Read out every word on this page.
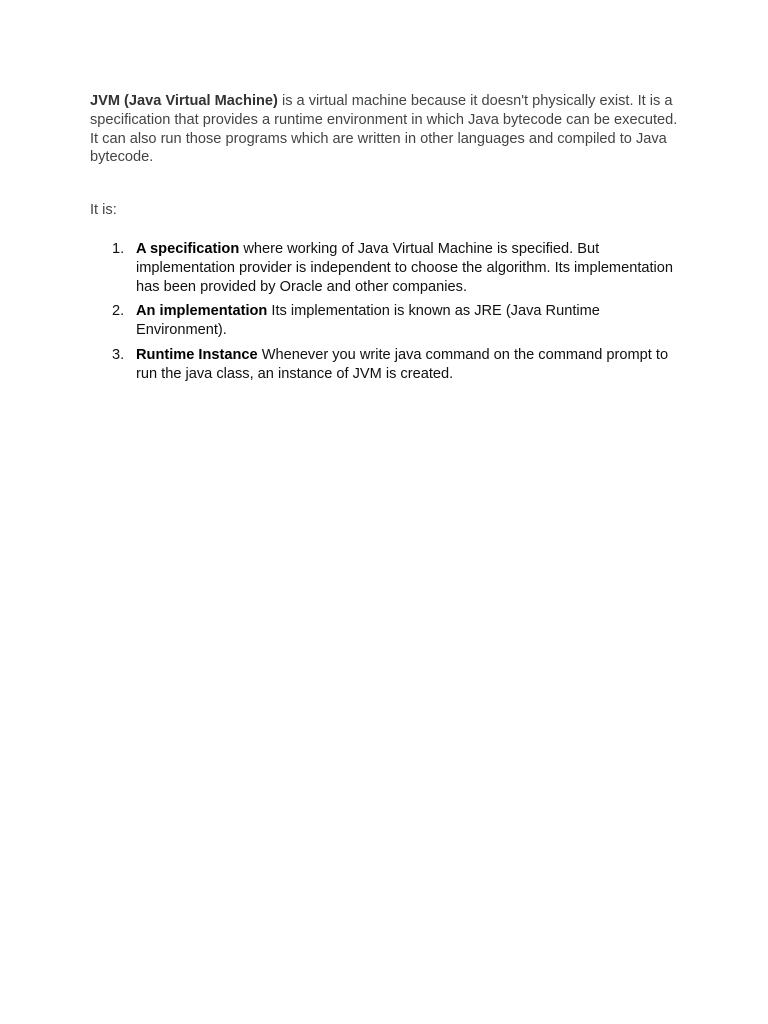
JVM (Java Virtual Machine) is a virtual machine because it doesn't physically exist. It is a specification that provides a runtime environment in which Java bytecode can be executed. It can also run those programs which are written in other languages and compiled to Java bytecode.

It is:

1. A specification where working of Java Virtual Machine is specified. But implementation provider is independent to choose the algorithm. Its implementation has been provided by Oracle and other companies.
2. An implementation Its implementation is known as JRE (Java Runtime Environment).
3. Runtime Instance Whenever you write java command on the command prompt to run the java class, an instance of JVM is created.
